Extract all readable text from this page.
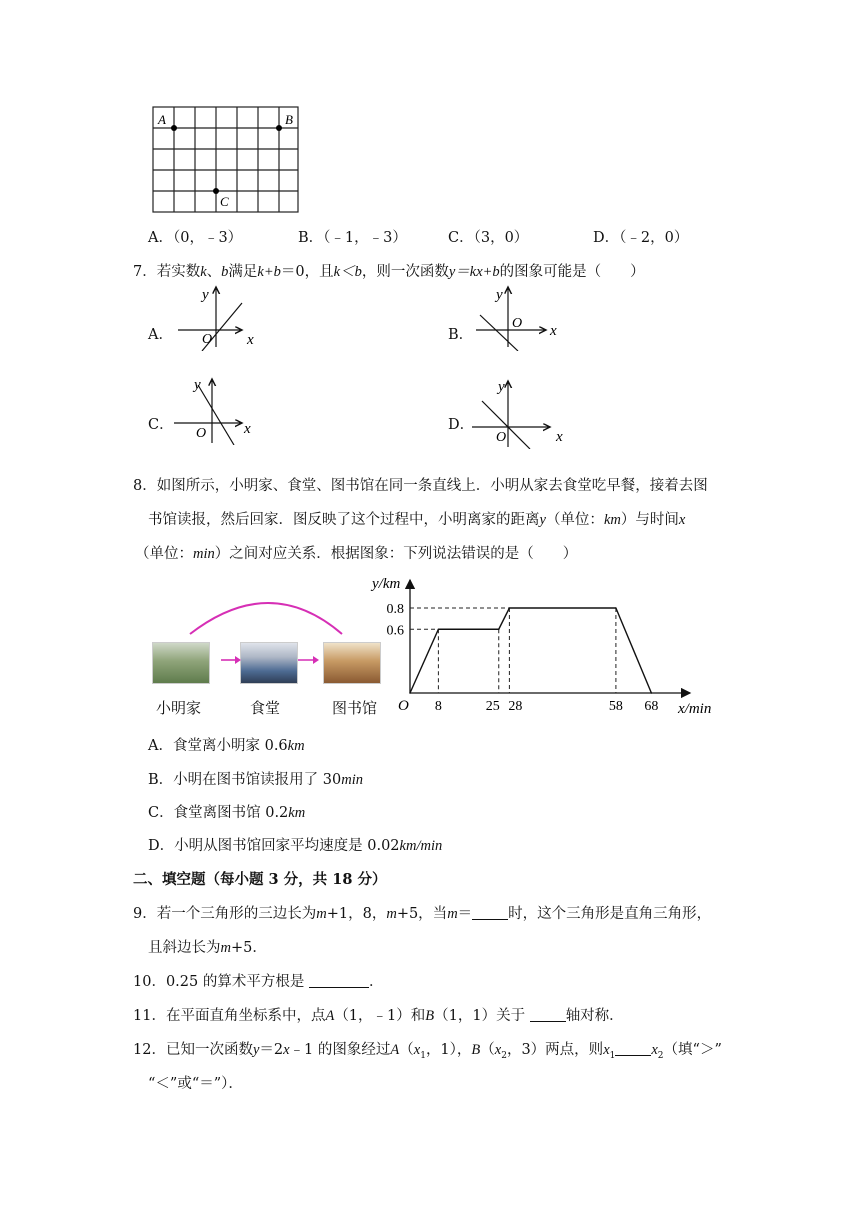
A	B
C
A．（0，﹣3）	B．（﹣1，﹣3）	C．（3，0）	D．（﹣2，0）
7．若实数k、b满足k+b＝0，且k＜b，则一次函数y＝kx+b的图象可能是（　　）
A．
y
x
O	B．
y
x
O
C．
y
x
O
D．
y
x
O
8．如图所示，小明家、食堂、图书馆在同一条直线上．小明从家去食堂吃早餐，接着去图
书馆读报，然后回家．图反映了这个过程中，小明离家的距离y（单位：km）与时间x
（单位：min）之间对应关系．根据图象：下列说法错误的是（　　）
小明家	食堂	图书馆
y/km
x/min
O 8	25 28	58 68
0.6
0.8
A．食堂离小明家 0.6km
B．小明在图书馆读报用了 30min
C．食堂离图书馆 0.2km
D．小明从图书馆回家平均速度是 0.02km/min
二、填空题（每小题 3 分，共 18 分）
9．若一个三角形的三边长为m+1，8，m+5，当m＝ 时，这个三角形是直角三角形，
且斜边长为m+5．
10．0.25 的算术平方根是	．
11．在平面直角坐标系中，点A（1，﹣1）和B（1，1）关于	轴对称．
12．已知一次函数y＝2x﹣1 的图象经过$A(x_1$，1），$B(x_2$，3）两点，则$x_1$ $x_2$（填“＞”
“＜”或“＝”）．
